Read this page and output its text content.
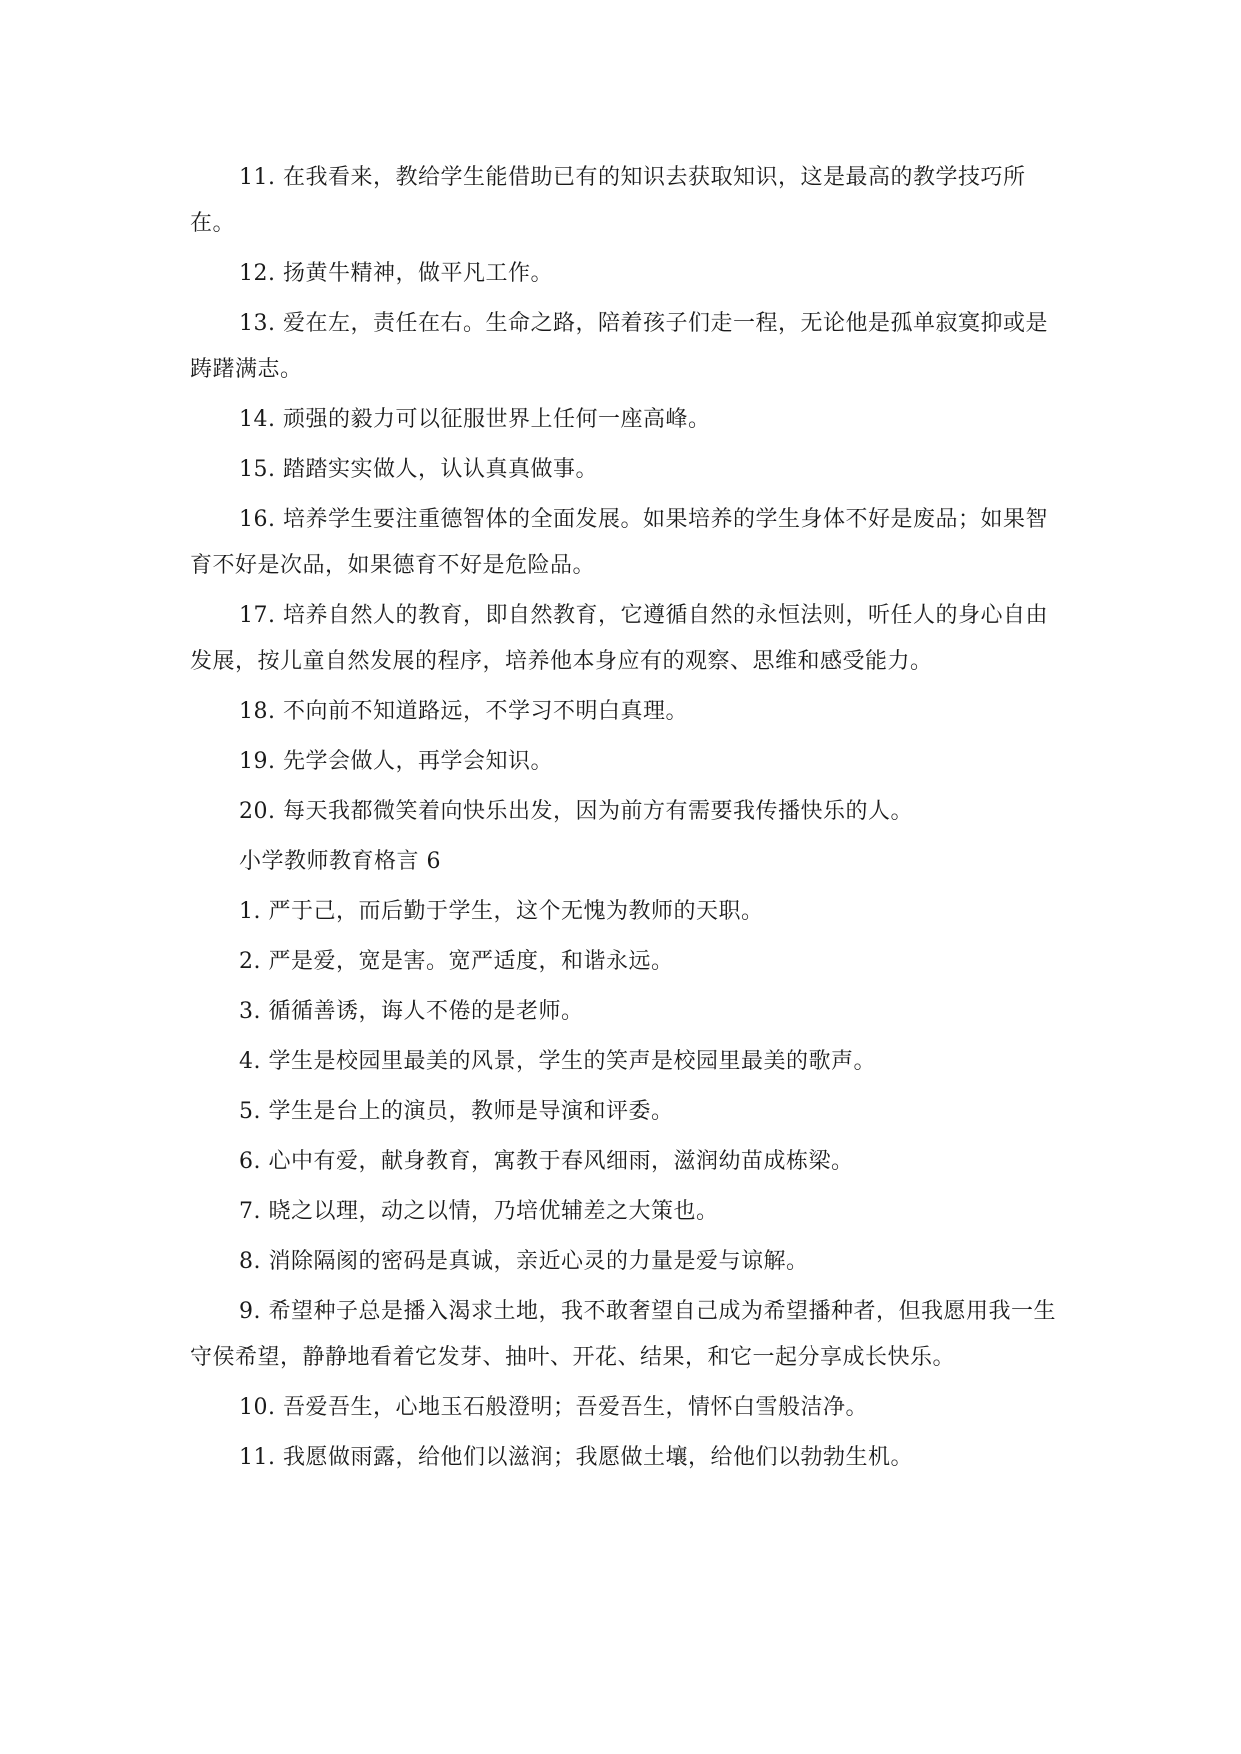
11. 在我看来，教给学生能借助已有的知识去获取知识，这是最高的教学技巧所在。

12. 扬黄牛精神，做平凡工作。

13. 爱在左，责任在右。生命之路，陪着孩子们走一程，无论他是孤单寂寞抑或是踌躇满志。

14. 顽强的毅力可以征服世界上任何一座高峰。

15. 踏踏实实做人，认认真真做事。

16. 培养学生要注重德智体的全面发展。如果培养的学生身体不好是废品；如果智育不好是次品，如果德育不好是危险品。

17. 培养自然人的教育，即自然教育，它遵循自然的永恒法则，听任人的身心自由发展，按儿童自然发展的程序，培养他本身应有的观察、思维和感受能力。

18. 不向前不知道路远，不学习不明白真理。

19. 先学会做人，再学会知识。

20. 每天我都微笑着向快乐出发，因为前方有需要我传播快乐的人。

小学教师教育格言 6

1. 严于己，而后勤于学生，这个无愧为教师的天职。

2. 严是爱，宽是害。宽严适度，和谐永远。

3. 循循善诱，诲人不倦的是老师。

4. 学生是校园里最美的风景，学生的笑声是校园里最美的歌声。

5. 学生是台上的演员，教师是导演和评委。

6. 心中有爱，献身教育，寓教于春风细雨，滋润幼苗成栋梁。

7. 晓之以理，动之以情，乃培优辅差之大策也。

8. 消除隔阂的密码是真诚，亲近心灵的力量是爱与谅解。

9. 希望种子总是播入渴求土地，我不敢奢望自己成为希望播种者，但我愿用我一生守侯希望，静静地看着它发芽、抽叶、开花、结果，和它一起分享成长快乐。

10. 吾爱吾生，心地玉石般澄明；吾爱吾生，情怀白雪般洁净。

11. 我愿做雨露，给他们以滋润；我愿做土壤，给他们以勃勃生机。
